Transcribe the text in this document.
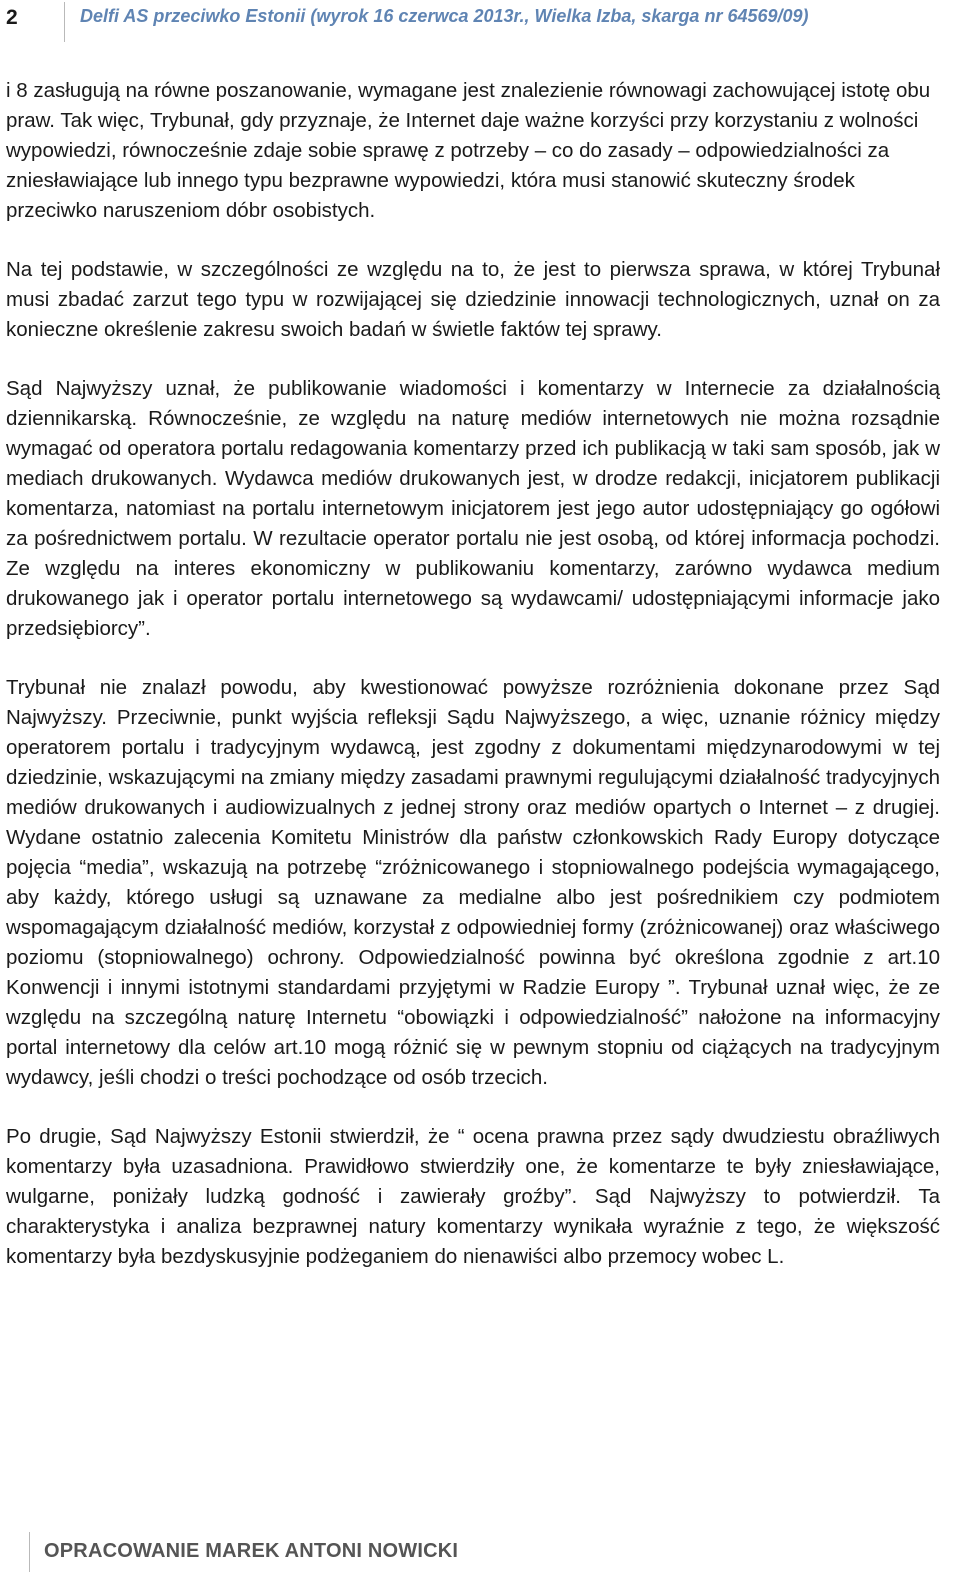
2	Delfi AS przeciwko Estonii (wyrok 16 czerwca 2013r., Wielka Izba, skarga nr 64569/09)

i 8 zasługują na równe poszanowanie, wymagane jest znalezienie równowagi zachowującej istotę obu praw. Tak więc, Trybunał, gdy przyznaje, że Internet daje ważne korzyści przy korzystaniu z wolności wypowiedzi, równocześnie zdaje sobie sprawę z potrzeby – co do zasady – odpowiedzialności za zniesławiające lub innego typu bezprawne wypowiedzi, która musi stanowić skuteczny środek przeciwko naruszeniom dóbr osobistych.

Na tej podstawie, w szczególności ze względu na to, że jest to pierwsza sprawa, w której Trybunał musi zbadać zarzut tego typu w rozwijającej się dziedzinie innowacji technologicznych, uznał on za konieczne określenie zakresu swoich badań w świetle faktów tej sprawy.

Sąd Najwyższy uznał, że publikowanie wiadomości i komentarzy w Internecie za działalnością dziennikarską. Równocześnie, ze względu na naturę mediów internetowych nie można rozsądnie wymagać od operatora portalu redagowania komentarzy przed ich publikacją w taki sam sposób, jak w mediach drukowanych. Wydawca mediów drukowanych jest, w drodze redakcji, inicjatorem publikacji komentarza, natomiast na portalu internetowym inicjatorem jest jego autor udostępniający go ogółowi za pośrednictwem portalu. W rezultacie operator portalu nie jest osobą, od której informacja pochodzi. Ze względu na interes ekonomiczny w publikowaniu komentarzy, zarówno wydawca medium drukowanego jak i operator portalu internetowego są wydawcami/ udostępniającymi informacje jako przedsiębiorcy”.

Trybunał nie znalazł powodu, aby kwestionować powyższe rozróżnienia dokonane przez Sąd Najwyższy. Przeciwnie, punkt wyjścia refleksji Sądu Najwyższego, a więc, uznanie różnicy między operatorem portalu i tradycyjnym wydawcą, jest zgodny z dokumentami międzynarodowymi w tej dziedzinie, wskazującymi na zmiany między zasadami prawnymi regulującymi działalność tradycyjnych mediów drukowanych i audiowizualnych z jednej strony oraz mediów opartych o Internet – z drugiej. Wydane ostatnio zalecenia Komitetu Ministrów dla państw członkowskich Rady Europy dotyczące pojęcia “media”, wskazują na potrzebę “zróżnicowanego i stopniowalnego podejścia wymagającego, aby każdy, którego usługi są uznawane za medialne albo jest pośrednikiem czy podmiotem wspomagającym działalność mediów, korzystał z odpowiedniej formy (zróżnicowanej) oraz właściwego poziomu (stopniowalnego) ochrony. Odpowiedzialność powinna być określona zgodnie z art.10 Konwencji i innymi istotnymi standardami przyjętymi w Radzie Europy ”. Trybunał uznał więc, że ze względu na szczególną naturę Internetu “obowiązki i odpowiedzialność” nałożone na informacyjny portal internetowy dla celów art.10 mogą różnić się w pewnym stopniu od ciążących na tradycyjnym wydawcy, jeśli chodzi o treści pochodzące od osób trzecich.

Po drugie, Sąd Najwyższy Estonii stwierdził, że “ ocena prawna przez sądy dwudziestu obraźliwych komentarzy była uzasadniona. Prawidłowo stwierdziły one, że komentarze te były zniesławiające, wulgarne, poniżały ludzką godność i zawierały groźby”. Sąd Najwyższy to potwierdził. Ta charakterystyka i analiza bezprawnej natury komentarzy wynikała wyraźnie z tego, że większość komentarzy była bezdyskusyjnie podżeganiem do nienawiści albo przemocy wobec L.

OPRACOWANIE MAREK ANTONI NOWICKI
